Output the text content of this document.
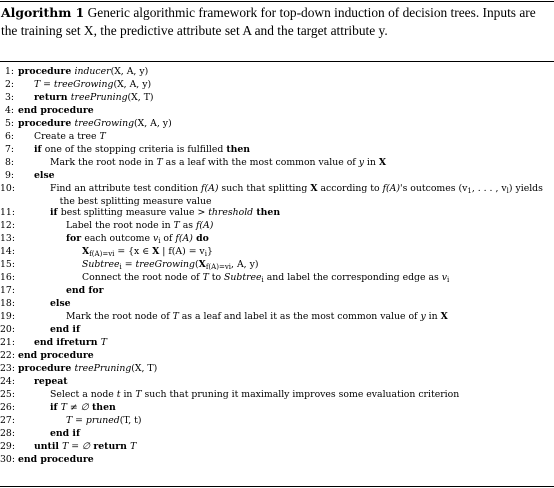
Algorithm 1 Generic algorithmic framework for top-down induction of decision trees. Inputs are the training set X, the predictive attribute set A and the target attribute y.
1: procedure inducer(X, A, y)
2: T = treeGrowing(X, A, y)
3: return treePruning(X, T)
4: end procedure
5: procedure treeGrowing(X, A, y)
6: Create a tree T
7: if one of the stopping criteria is fulfilled then
8:	Mark the root node in T as a leaf with the most common value of y in X
9: else
10:	Find an attribute test condition f(A) such that splitting X according to f(A)'s outcomes ($v_1$, . . . , $v_l$) yields
the best splitting measure value
11:	if best splitting measure value > threshold then
12:	Label the root node in T as f(A)
13:	for each outcome $v_i$ of f(A) do
14:	$X_{f(A)=vi} = \{x$ ∈ X | $f(A) = v_i$}
15:	Subtree$_i$ = $treeGrowing(X_{f(A)=vi}$, A, y)
16:	Connect the root node of T to Subtree$_i$ and label the corresponding edge as $v_i$
17:	end for
18:	else
19:	Mark the root node of T as a leaf and label it as the most common value of y in X
20:	end if
21: end ifreturn T
22: end procedure
23: procedure treePruning(X, T)
24: repeat
25:	Select a node t in T such that pruning it maximally improves some evaluation criterion
26:	if T ≠ ∅ then
27:	T = pruned(T, t)
28:	end if
29: until T = ∅ return T
30: end procedure
